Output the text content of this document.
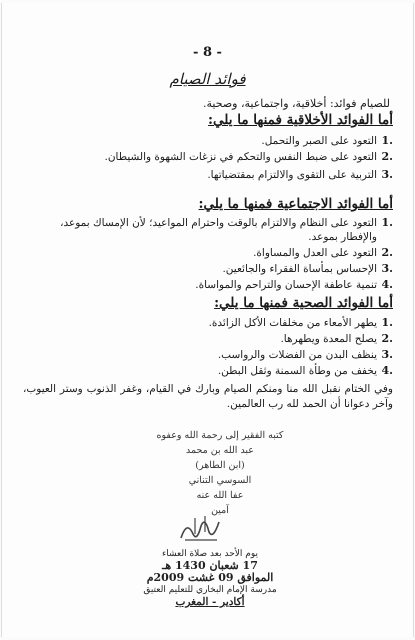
- 8 -
فوائد الصيام
للصيام فوائد: أخلاقية، واجتماعية، وصحية.
أما الفوائد الأخلاقية فمنها ما يلي:
.1
التعود على الصبر والتحمل.
.2
التعود على ضبط النفس والتحكم في نزغات الشهوة والشيطان.
.3
التربية على التقوى والالتزام بمقتضياتها.
أما الفوائد الاجتماعية فمنها ما يلي:
.1
التعود على النظام والالتزام بالوقت واحترام المواعيد؛ لأن الإمساك بموعد، والإفطار بموعد.
.2
التعود على العدل والمساواة.
.3
الإحساس بمأساة الفقراء والجائعين.
.4
تنمية عاطفة الإحسان والتراحم والمواساة.
أما الفوائد الصحية فمنها ما يلي:
.1
يطهر الأمعاء من مخلفات الأكل الزائدة.
.2
يصلح المعدة ويطهرها.
.3
ينظف البدن من الفضلات والرواسب.
.4
يخفف من وطأة السمنة وثقل البطن.
وفي الختام نقبل الله منا ومنكم الصيام وبارك في القيام، وغفر الذنوب وستر العيوب، وآخر دعوانا أن الحمد لله رب العالمين.
كتبه الفقير إلى رحمة الله وعفوه
عبد الله بن محمد
(ابن الطاهر)
السوسي التناني
عفا الله عنه
آمين
يوم الأحد بعد صلاة العشاء
17 شعبان 1430 هـ
الموافق 09 غشت 2009م
مدرسة الإمام البخاري للتعليم العتيق
أكادير - المغرب
